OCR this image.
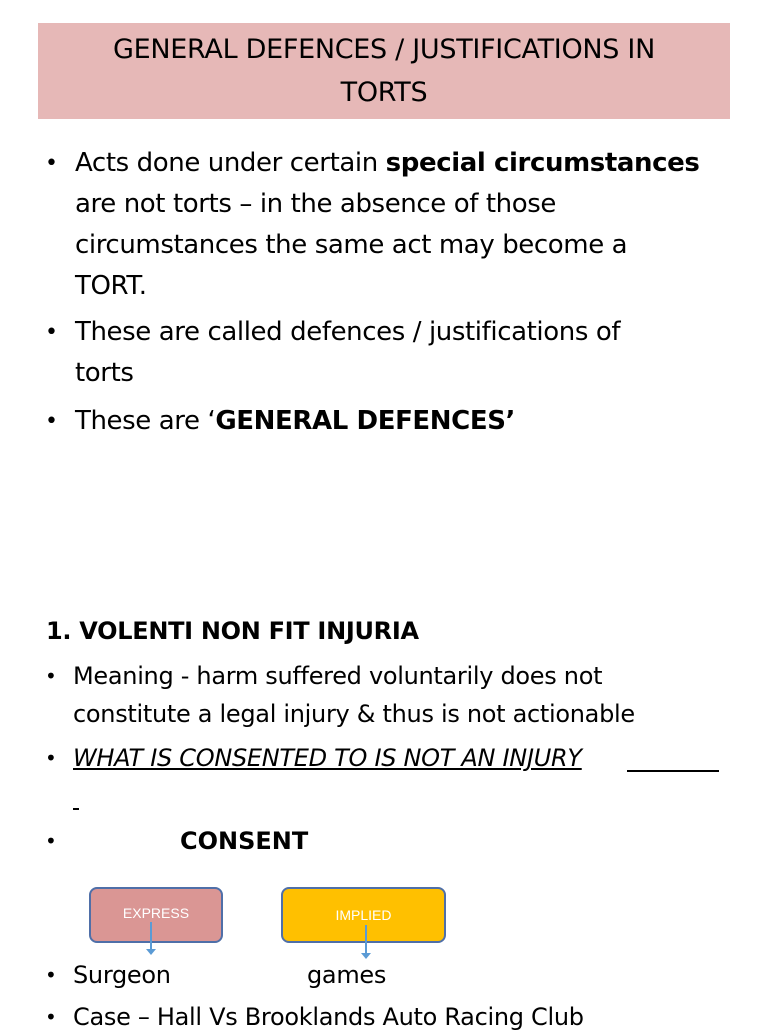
GENERAL DEFENCES / JUSTIFICATIONS IN
TORTS
• Acts done under certain special circumstances
are not torts – in the absence of those
circumstances the same act may become a
TORT.
• These are called defences / justifications of
torts
• These are ‘GENERAL DEFENCES’
1. VOLENTI NON FIT INJURIA
• Meaning - harm suffered voluntarily does not
constitute a legal injury & thus is not actionable
• WHAT IS CONSENTED TO IS NOT AN INJURY
•	CONSENT
EXPRESS	IMPLIED
• Surgeon	games
• Case – Hall Vs Brooklands Auto Racing Club
